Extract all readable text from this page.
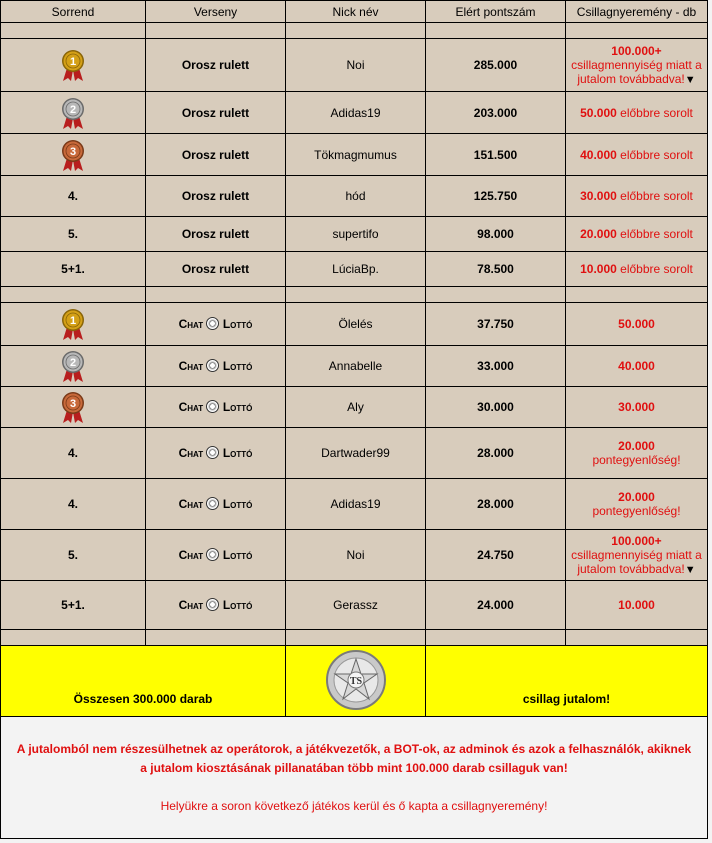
Sorrend	Verseny	Nick név	Elért pontszám	Csillagnyeremény - db

1	Orosz rulett	Noi	285.000	100.000+
csillagmennyiség miatt a jutalom továbbadva!▼

2	Orosz rulett	Adidas19	203.000	50.000 előbbre sorolt

3	Orosz rulett	Tökmagmumus	151.500	40.000 előbbre sorolt
4.	Orosz rulett	hód	125.750	30.000 előbbre sorolt
5.	Orosz rulett	supertifo	98.000	20.000 előbbre sorolt
5+1.	Orosz rulett	LúciaBp.	78.500	10.000 előbbre sorolt

1	Chat Lottó	Ölelés	37.750	50.000

2	Chat Lottó	Annabelle	33.000	40.000

3	Chat Lottó	Aly	30.000	30.000
4.	Chat Lottó	Dartwader99	28.000	20.000
pontegyenlőség!
4.	Chat Lottó	Adidas19	28.000	20.000
pontegyenlőség!
5.	Chat Lottó	Noi	24.750	100.000+
csillagmennyiség miatt a jutalom továbbadva!▼
5+1.	Chat Lottó	Gerassz	24.000	10.000

Összesen 300.000 darab		TS	csillag jutalom!	
A jutalomból nem részesülhetnek az operátorok, a játékvezetők, a BOT-ok, az adminok és azok a felhasználók, akiknek
a jutalom kiosztásának pillanatában több mint 100.000 darab csillaguk van!

Helyükre a soron következő játékos kerül és ő kapta a csillagnyeremény!				
